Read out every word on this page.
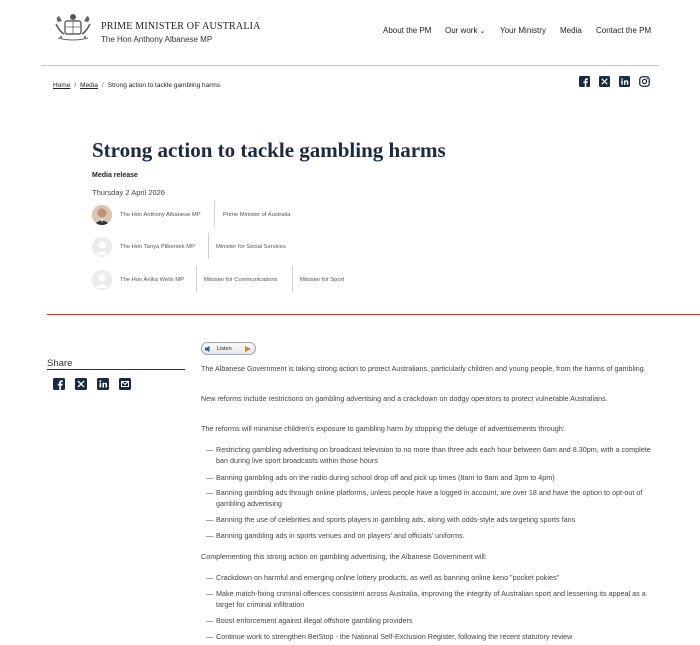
PRIME MINISTER OF AUSTRALIA
The Hon Anthony Albanese MP
About the PM Our work ⌄ Your Ministry Media Contact the PM
Home / Media / Strong action to tackle gambling harms
Strong action to tackle gambling harms
Media release
Thursday 2 April 2026
The Hon Anthony Albanese MP	Prime Minister of Australia
The Hon Tanya Plibersek MP	Minister for Social Services
The Hon Anika Wells MP	Minister for Communications	Minister for Sport
Share
Listen

The Albanese Government is taking strong action to protect Australians, particularly children and young people, from the harms of gambling.

New reforms include restrictions on gambling advertising and a crackdown on dodgy operators to protect vulnerable Australians.

The reforms will minimise children's exposure to gambling harm by stopping the deluge of advertisements through:

— Restricting gambling advertising on broadcast television to no more than three ads each hour between 6am and 8.30pm, with a complete ban during live sport broadcasts within those hours
— Banning gambling ads on the radio during school drop off and pick up times (8am to 9am and 3pm to 4pm)
— Banning gambling ads through online platforms, unless people have a logged in account, are over 18 and have the option to opt-out of gambling advertising
— Banning the use of celebrities and sports players in gambling ads, along with odds-style ads targeting sports fans
— Banning gambling ads in sports venues and on players' and officials' uniforms.

Complementing this strong action on gambling advertising, the Albanese Government will:

— Crackdown on harmful and emerging online lottery products, as well as banning online keno "pocket pokies"
— Make match-fixing criminal offences consistent across Australia, improving the integrity of Australian sport and lessening its appeal as a target for criminal infiltration
— Boost enforcement against illegal offshore gambling providers
— Continue work to strengthen BetStop - the National Self-Exclusion Register, following the recent statutory review
